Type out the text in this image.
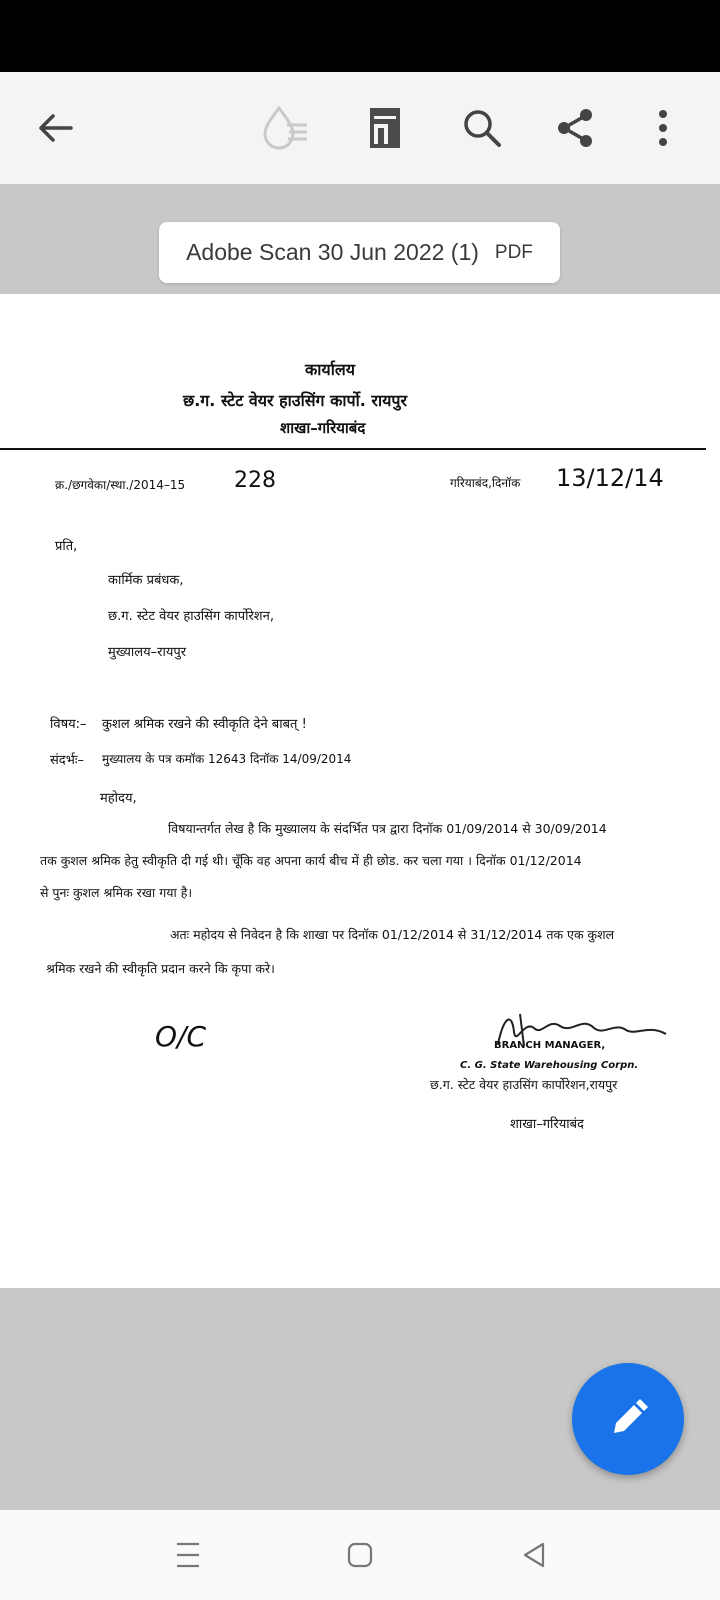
Adobe Scan 30 Jun 2022 (1) PDF
कार्यालय
छ.ग. स्टेट वेयर हाउसिंग कार्पो. रायपुर
शाखा–गरियाबंद
क्र./छगवेका/स्था./2014–15 228	गरियाबंद,दिनॉक 13/12/14
प्रति,
कार्मिक प्रबंधक,
छ.ग. स्टेट वेयर हाउसिंग कार्पोरेशन,
मुख्यालय–रायपुर
विषय:– कुशल श्रमिक रखने की स्वीकृति देने बाबत् !
संदर्भः– मुख्यालय के पत्र कमॉक 12643 दिनॉक 14/09/2014
महोदय,
विषयान्तर्गत लेख है कि मुख्यालय के संदर्भित पत्र द्वारा दिनॉक 01/09/2014 से 30/09/2014
तक कुशल श्रमिक हेतु स्वीकृति दी गई थी। चूँकि वह अपना कार्य बीच में ही छोड. कर चला गया । दिनॉक 01/12/2014
से पुनः कुशल श्रमिक रखा गया है।
अतः महोदय से निवेदन है कि शाखा पर दिनॉक 01/12/2014 से 31/12/2014 तक एक कुशल
श्रमिक रखने की स्वीकृति प्रदान करने कि कृपा करे।
O/C	BRANCH MANAGER,
C. G. State Warehousing Corpn.
छ.ग. स्टेट वेयर हाउसिंग कार्पोरेशन,रायपुर
शाखा–गरियाबंद
